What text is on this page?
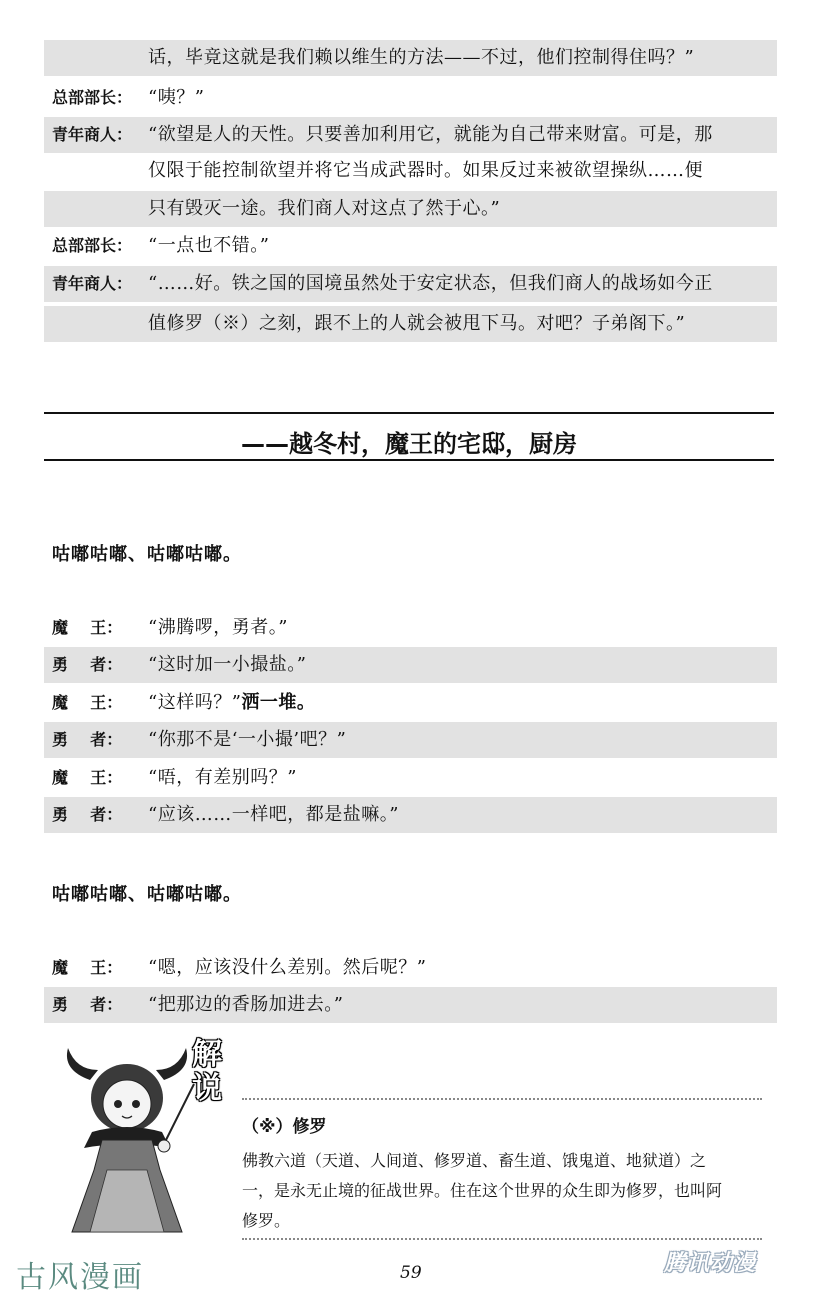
话，毕竟这就是我们赖以维生的方法——不过，他们控制得住吗？”
总部部长： “咦？”
青年商人： “欲望是人的天性。只要善加利用它，就能为自己带来财富。可是，那
仅限于能控制欲望并将它当成武器时。如果反过来被欲望操纵……便
只有毁灭一途。我们商人对这点了然于心。”
总部部长： “一点也不错。”
青年商人： “……好。铁之国的国境虽然处于安定状态，但我们商人的战场如今正
值修罗（※）之刻，跟不上的人就会被甩下马。对吧？子弟阁下。”
——越冬村，魔王的宅邸，厨房
咕嘟咕嘟、咕嘟咕嘟。
魔    王： “沸腾啰，勇者。”
勇    者： “这时加一小撮盐。”
魔    王： “这样吗？”洒一堆。
勇    者： “你那不是‘一小撮’吧？”
魔    王： “唔，有差别吗？”
勇    者： “应该……一样吧，都是盐嘛。”
咕嘟咕嘟、咕嘟咕嘟。
魔    王： “嗯，应该没什么差别。然后呢？”
勇    者： “把那边的香肠加进去。”
解说
（※）修罗
佛教六道（天道、人间道、修罗道、畜生道、饿鬼道、地狱道）之
一，是永无止境的征战世界。住在这个世界的众生即为修罗，也叫阿
修罗。
古风漫画	59	腾讯动漫
